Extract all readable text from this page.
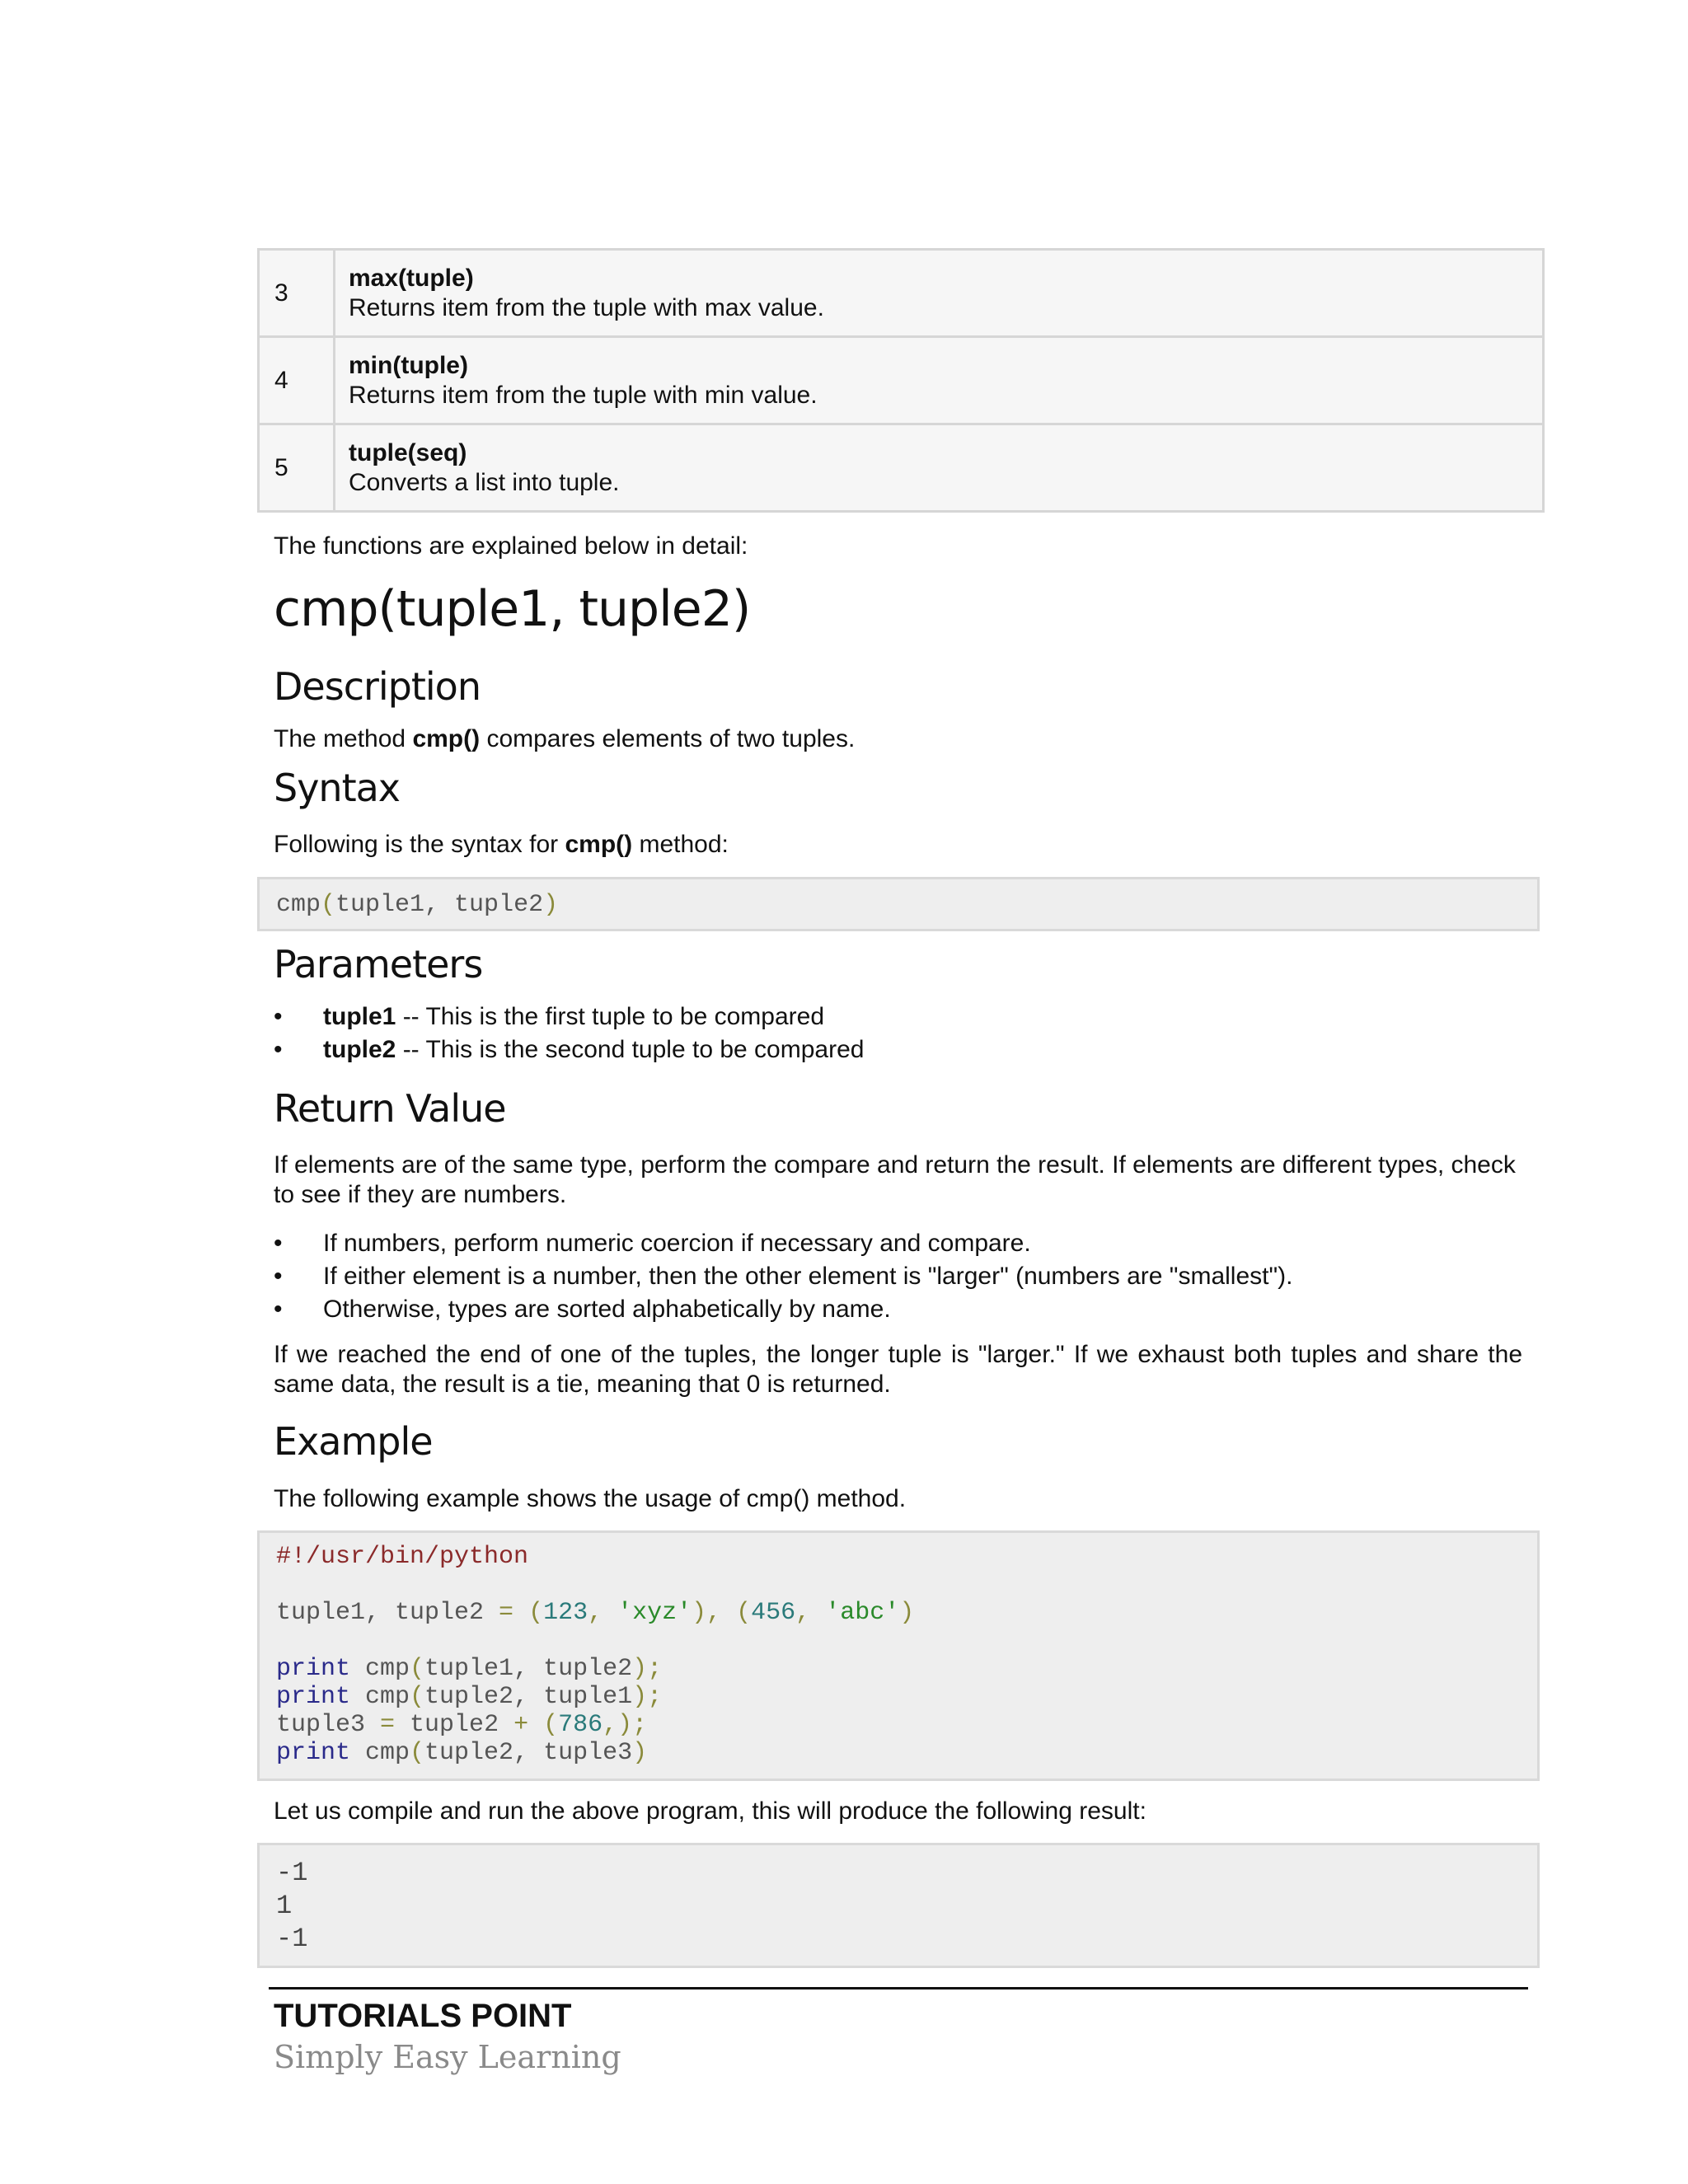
3	max(tuple)
Returns item from the tuple with max value.
4	min(tuple)
Returns item from the tuple with min value.
5	tuple(seq)
Converts a list into tuple.
The functions are explained below in detail:
cmp(tuple1, tuple2)
Description
The method cmp() compares elements of two tuples.
Syntax
Following is the syntax for cmp() method:
cmp(tuple1, tuple2)
Parameters
• tuple1 -- This is the first tuple to be compared
• tuple2 -- This is the second tuple to be compared
Return Value
If elements are of the same type, perform the compare and return the result. If elements are different types, check to see if they are numbers.
• If numbers, perform numeric coercion if necessary and compare.
• If either element is a number, then the other element is "larger" (numbers are "smallest").
• Otherwise, types are sorted alphabetically by name.
If we reached the end of one of the tuples, the longer tuple is "larger." If we exhaust both tuples and share the same data, the result is a tie, meaning that 0 is returned.
Example
The following example shows the usage of cmp() method.
#!/usr/bin/python
tuple1, tuple2 = (123, 'xyz'), (456, 'abc')
print cmp(tuple1, tuple2);
print cmp(tuple2, tuple1);
tuple3 = tuple2 + (786,);
print cmp(tuple2, tuple3)
Let us compile and run the above program, this will produce the following result:
-1
1
-1
TUTORIALS POINT
Simply Easy Learning
